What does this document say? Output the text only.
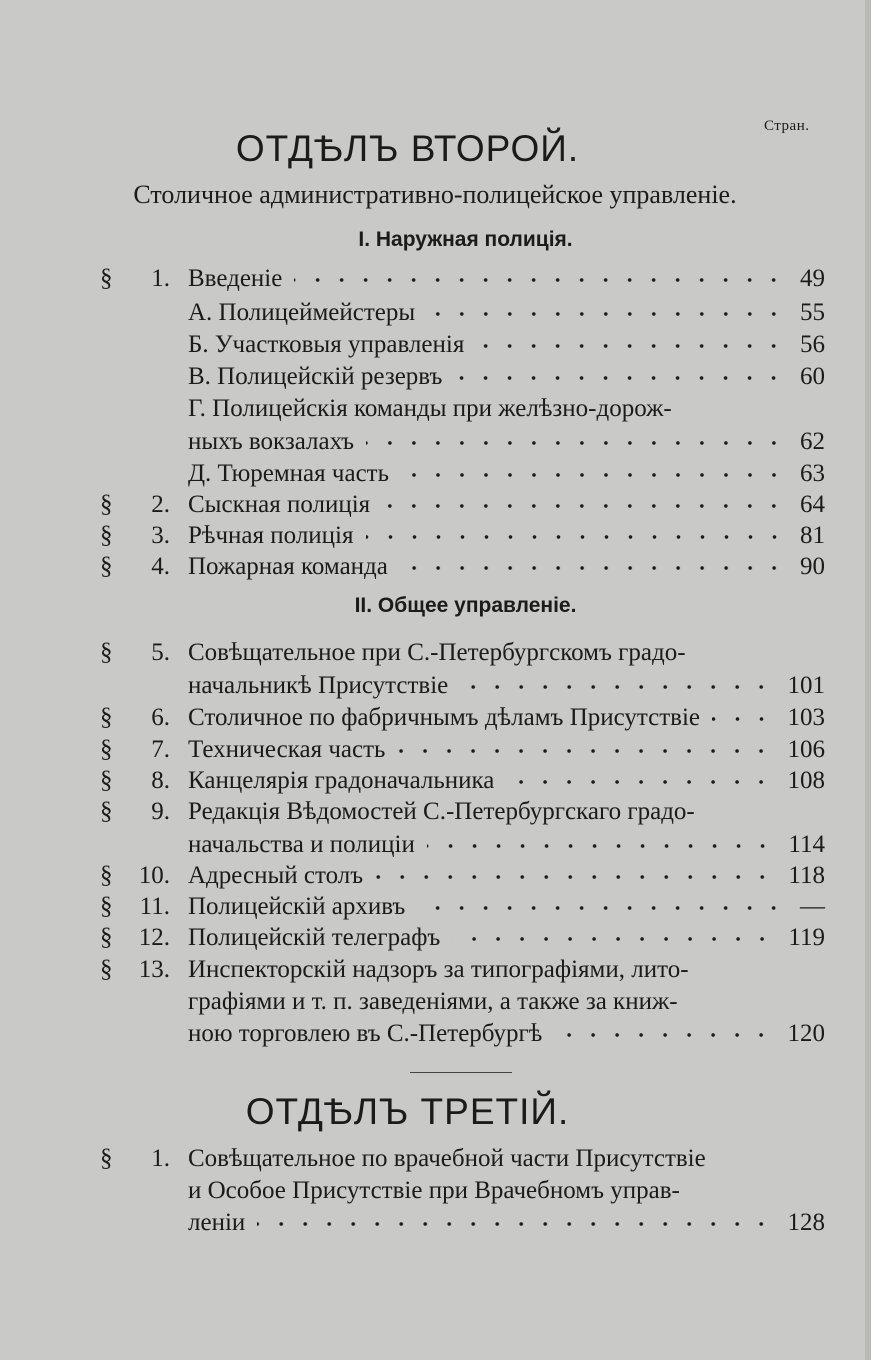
Стран.
ОТДѢЛЪ ВТОРОЙ.
Столичное административно-полицейское управленіе.
I. Наружная полиція.
II. Общее управленіе.
ОТДѢЛЪ ТРЕТІЙ.
§	1. Введеніе	49
А. Полицеймейстеры	55
Б. Участковыя управленія	56
В. Полицейскій резервъ	60
Г. Полицейскія команды при желѣзно-дорож-
ныхъ вокзалахъ	62
Д. Тюремная часть	63
§	2. Сыскная полиція	64
§	3. Рѣчная полиція	81
§	4. Пожарная команда	90
§	5. Совѣщательное при С.-Петербургскомъ градо-
начальникѣ Присутствіе	101
§	6. Столичное по фабричнымъ дѣламъ Присутствіе	103
§	7. Техническая часть	106
§	8. Канцелярія градоначальника	108
§	9. Редакція Вѣдомостей С.-Петербургскаго градо-
начальства и полиціи	114
§	10. Адресный столъ	118
§	11. Полицейскій архивъ	—
§	12. Полицейскій телеграфъ	119
§	13. Инспекторскій надзоръ за типографіями, лито-
графіями и т. п. заведеніями, а также за книж-
ною торговлею въ С.-Петербургѣ	120
§	1. Совѣщательное по врачебной части Присутствіе
и Особое Присутствіе при Врачебномъ управ-
леніи	128
